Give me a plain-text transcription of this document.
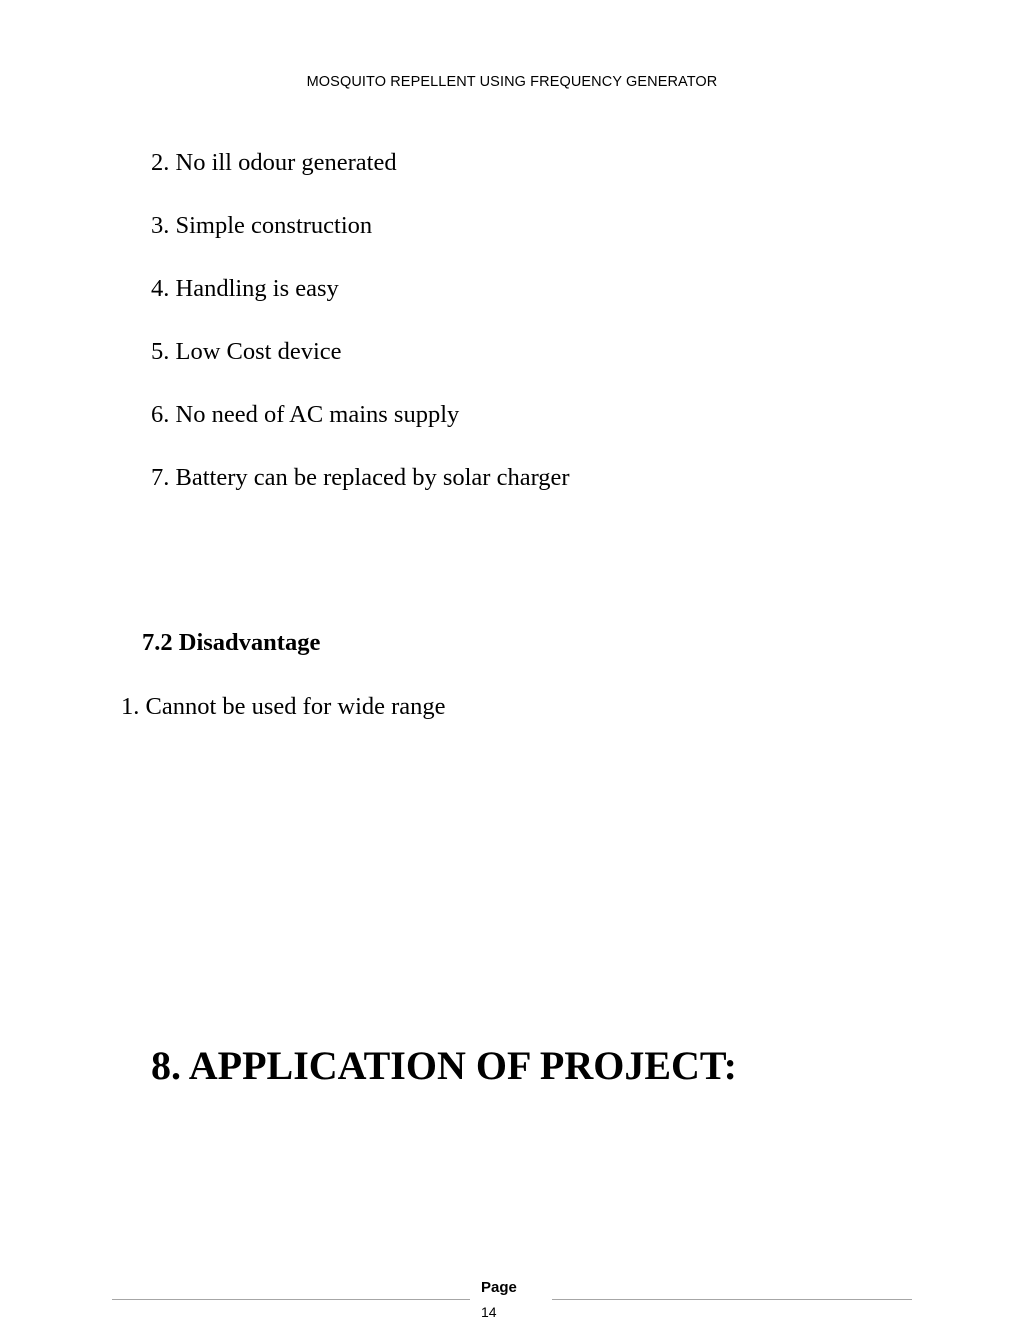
MOSQUITO REPELLENT USING FREQUENCY GENERATOR
2. No ill odour generated
3. Simple construction
4. Handling is easy
5. Low Cost device
6. No need of AC mains supply
7. Battery can be replaced by solar charger
7.2 Disadvantage
1. Cannot be used for wide range
8. APPLICATION OF PROJECT:
Page
14
